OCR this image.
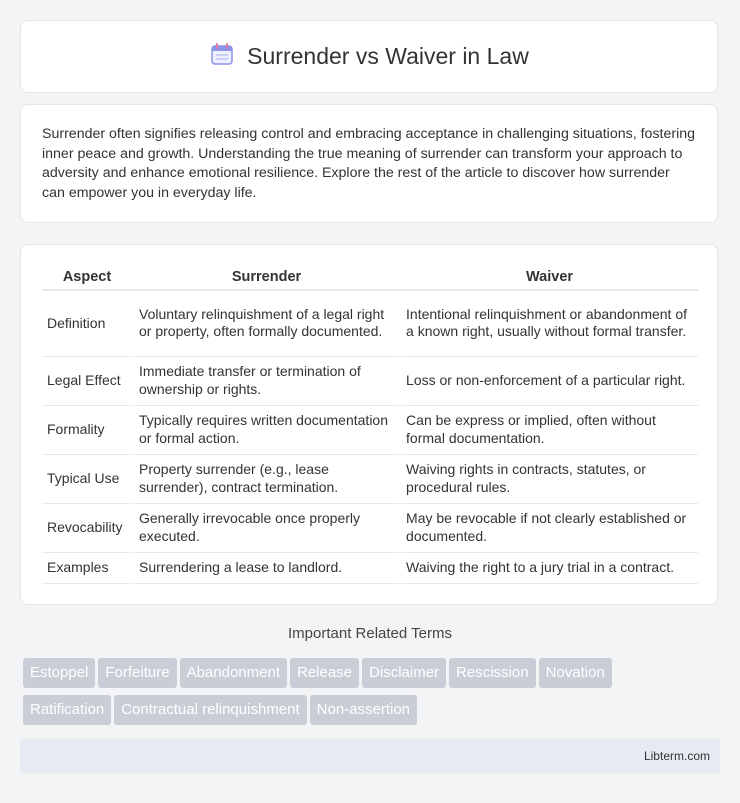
Surrender vs Waiver in Law
Surrender often signifies releasing control and embracing acceptance in challenging situations, fostering inner peace and growth. Understanding the true meaning of surrender can transform your approach to adversity and enhance emotional resilience. Explore the rest of the article to discover how surrender can empower you in everyday life.
Aspect	Surrender	Waiver
Definition	Voluntary relinquishment of a legal right or property, often formally documented.	Intentional relinquishment or abandonment of a known right, usually without formal transfer.
Legal Effect	Immediate transfer or termination of ownership or rights.	Loss or non-enforcement of a particular right.
Formality	Typically requires written documentation or formal action.	Can be express or implied, often without formal documentation.
Typical Use	Property surrender (e.g., lease surrender), contract termination.	Waiving rights in contracts, statutes, or procedural rules.
Revocability	Generally irrevocable once properly executed.	May be revocable if not clearly established or documented.
Examples	Surrendering a lease to landlord.	Waiving the right to a jury trial in a contract.
Important Related Terms
Estoppel Forfeiture Abandonment Release Disclaimer Rescission Novation
Ratification Contractual relinquishment Non-assertion
Libterm.com
